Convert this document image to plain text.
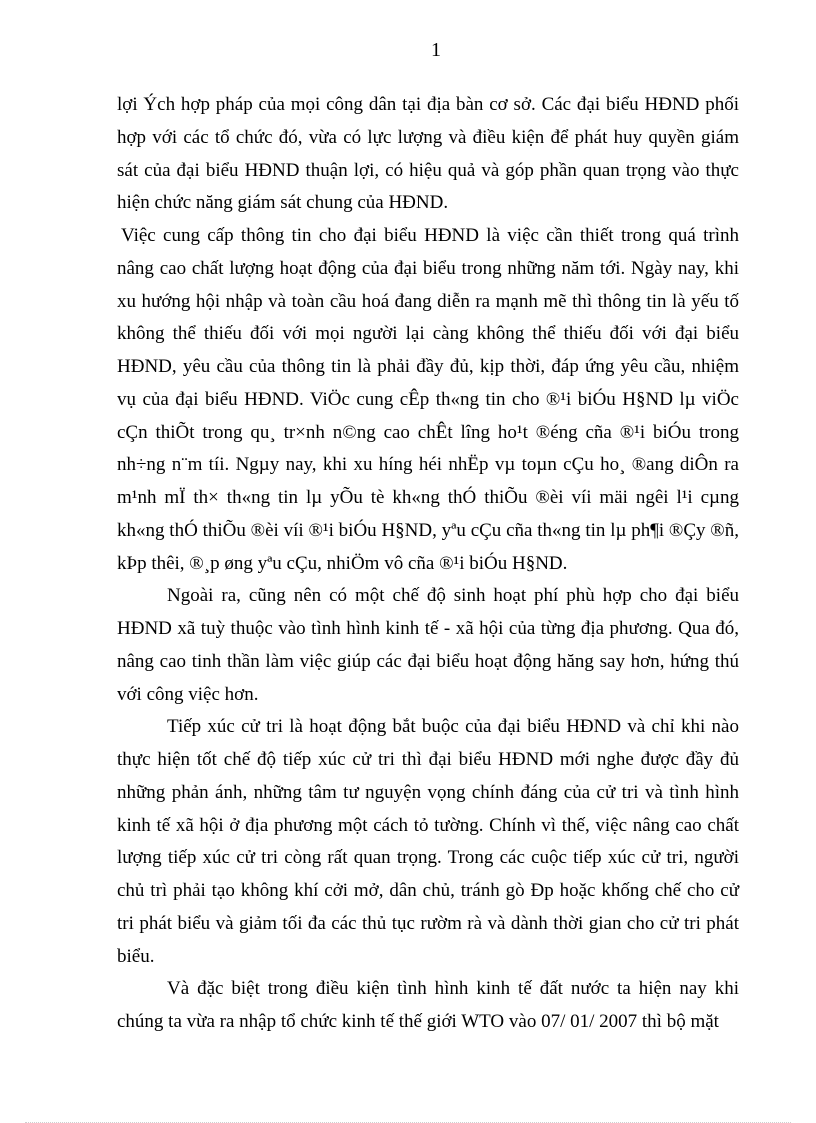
1

lợi Ých hợp pháp của mọi công dân tại địa bàn cơ sở. Các đại biểu HĐND phối hợp với các tổ chức đó, vừa có lực lượng và điều kiện để phát huy quyền giám sát của đại biểu HĐND thuận lợi, có hiệu quả và góp phần quan trọng vào thực hiện chức năng giám sát chung của HĐND.

Việc cung cấp thông tin cho đại biểu HĐND là việc cần thiết trong quá trình nâng cao chất lượng hoạt động của đại biểu trong những năm tới. Ngày nay, khi xu hướng hội nhập và toàn cầu hoá đang diễn ra mạnh mẽ thì thông tin là yếu tố không thể thiếu đối với mọi người lại càng không thể thiếu đối với đại biểu HĐND, yêu cầu của thông tin là phải đầy đủ, kịp thời, đáp ứng yêu cầu, nhiệm vụ của đại biểu HĐND. ViÖc cung cÊp th«ng tin cho ®¹i biÓu H§ND lµ viÖc cÇn thiÕt trong qu¸ tr×nh n©ng cao chÊt lîng ho¹t ®éng cña ®¹i biÓu trong nh÷ng n¨m tíi. Ngµy nay, khi xu híng héi nhËp vµ toµn cÇu ho¸ ®ang diÔn ra m¹nh mÏ th× th«ng tin lµ yÕu tè kh«ng thÓ thiÕu ®èi víi mäi ngêi l¹i cµng kh«ng thÓ thiÕu ®èi víi ®¹i biÓu H§ND, yªu cÇu cña th«ng tin lµ ph¶i ®Çy ®ñ, kÞp thêi, ®¸p øng yªu cÇu, nhiÖm vô cña ®¹i biÓu H§ND.

Ngoài ra, cũng nên có một chế độ sinh hoạt phí phù hợp cho đại biểu HĐND xã tuỳ thuộc vào tình hình kinh tế - xã hội của từng địa phương. Qua đó, nâng cao tinh thần làm việc giúp các đại biểu hoạt động hăng say hơn, hứng thú với công việc hơn.

Tiếp xúc cử tri là hoạt động bắt buộc của đại biểu HĐND và chỉ khi nào thực hiện tốt chế độ tiếp xúc cử tri thì đại biểu HĐND mới nghe được đầy đủ những phản ánh, những tâm tư nguyện vọng chính đáng của cử tri và tình hình kinh tế xã hội ở địa phương một cách tỏ tường. Chính vì thế, việc nâng cao chất lượng tiếp xúc cử tri còng rất quan trọng. Trong các cuộc tiếp xúc cử tri, người chủ trì phải tạo không khí cởi mở, dân chủ, tránh gò Ðp hoặc khống chế cho cử tri phát biểu và giảm tối đa các thủ tục rườm rà và dành thời gian cho cử tri phát biểu.

Và đặc biệt trong điều kiện tình hình kinh tế đất nước ta hiện nay khi chúng ta vừa ra nhập tổ chức kinh tế thế giới WTO vào 07/ 01/ 2007 thì bộ mặt
